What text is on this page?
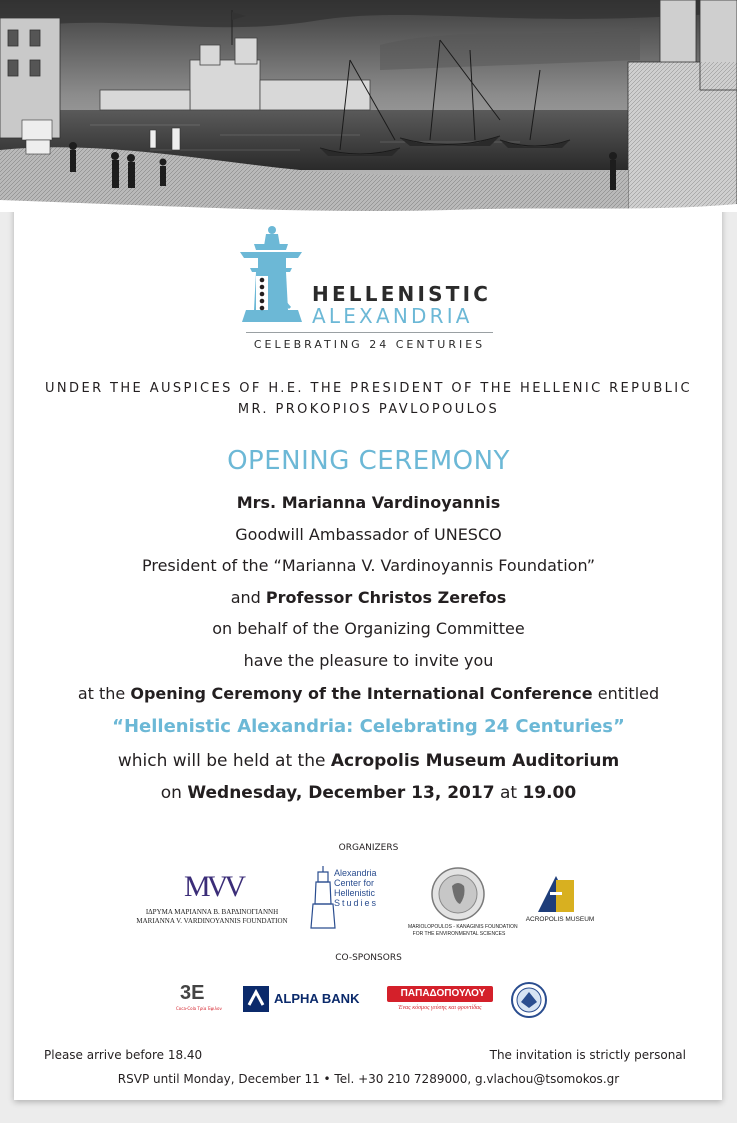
HELLENISTIC
ALEXANDRIA
CELEBRATING 24 CENTURIES
UNDER THE AUSPICES OF H.E. THE PRESIDENT OF THE HELLENIC REPUBLIC
MR. PROKOPIOS PAVLOPOULOS
OPENING CEREMONY
Mrs. Marianna Vardinoyannis
Goodwill Ambassador of UNESCO
President of the “Marianna V. Vardinoyannis Foundation”
and Professor Christos Zerefos
on behalf of the Organizing Committee
have the pleasure to invite you
at the Opening Ceremony of the International Conference entitled
“Hellenistic Alexandria: Celebrating 24 Centuries”
which will be held at the Acropolis Museum Auditorium
on Wednesday, December 13, 2017 at 19.00
ORGANIZERS
MVV
ΙΔΡΥΜΑ ΜΑΡΙΑΝΝΑ Β. ΒΑΡΔΙΝΟΓΙΑΝΝΗ
MARIANNA V. VARDINOYANNIS FOUNDATION
Alexandria
Center for
Hellenistic
Studies
MARIOLOPOULOS - KANAGINIS FOUNDATION
FOR THE ENVIRONMENTAL SCIENCES
ACROPOLIS MUSEUM
CO-SPONSORS
3E
Coca-Cola Τρία Έψιλον
ALPHA BANK	ΠΑΠΑΔΟΠΟΥΛΟΥ
Ένας κόσμος γεύσης και φροντίδας
Please arrive before 18.40	The invitation is strictly personal
RSVP until Monday, December 11 • Tel. +30 210 7289000, g.vlachou@tsomokos.gr
